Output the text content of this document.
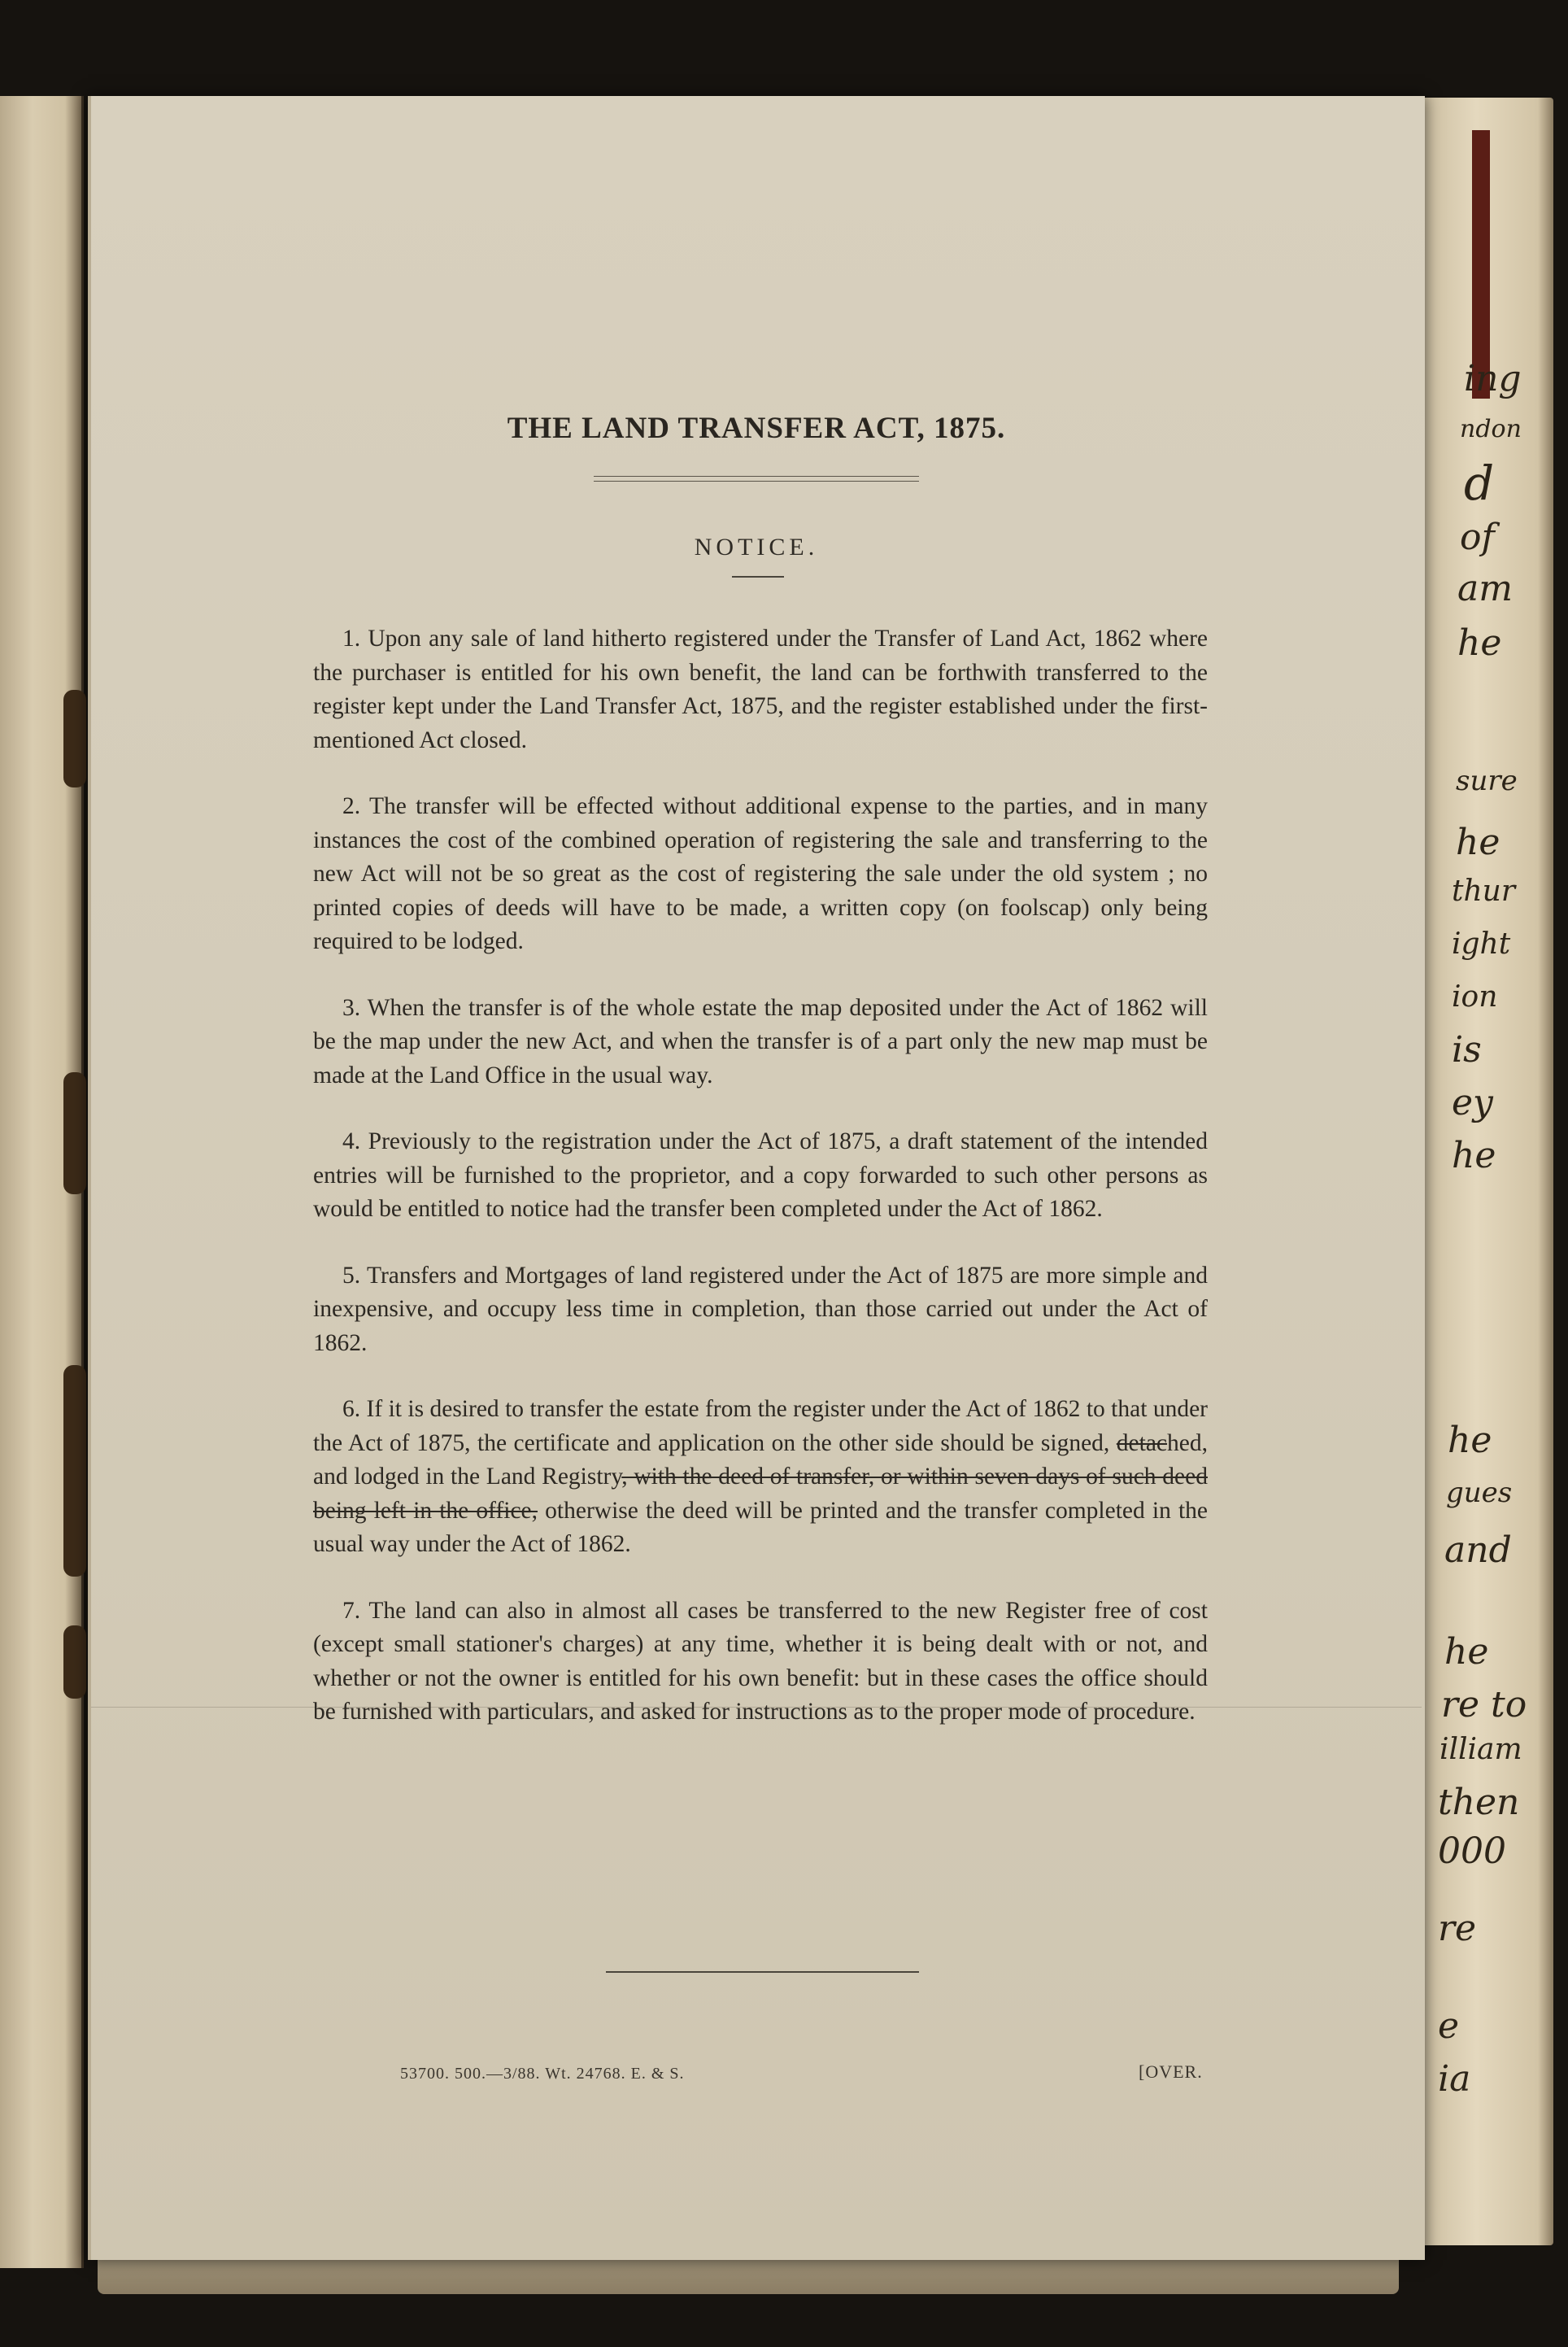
ing
ndon
d
of
am
he
sure
he
thur
ight
ion
is
ey
he
he
gues
and
he
re to
illiam
then
000
re
e
ia
THE LAND TRANSFER ACT, 1875.
NOTICE.

1. Upon any sale of land hitherto registered under the Transfer of Land Act, 1862 where the purchaser is entitled for his own benefit, the land can be forthwith transferred to the register kept under the Land Transfer Act, 1875, and the register established under the first-mentioned Act closed.

2. The transfer will be effected without additional expense to the parties, and in many instances the cost of the combined operation of registering the sale and transferring to the new Act will not be so great as the cost of registering the sale under the old system ; no printed copies of deeds will have to be made, a written copy (on foolscap) only being required to be lodged.

3. When the transfer is of the whole estate the map deposited under the Act of 1862 will be the map under the new Act, and when the transfer is of a part only the new map must be made at the Land Office in the usual way.

4. Previously to the registration under the Act of 1875, a draft statement of the intended entries will be furnished to the proprietor, and a copy forwarded to such other persons as would be entitled to notice had the transfer been completed under the Act of 1862.

5. Transfers and Mortgages of land registered under the Act of 1875 are more simple and inexpensive, and occupy less time in completion, than those carried out under the Act of 1862.

6. If it is desired to transfer the estate from the register under the Act of 1862 to that under the Act of 1875, the certificate and application on the other side should be signed, detached, and lodged in the Land Registry, with the deed of transfer, or within seven days of such deed being left in the office, otherwise the deed will be printed and the transfer completed in the usual way under the Act of 1862.

7. The land can also in almost all cases be transferred to the new Register free of cost (except small stationer's charges) at any time, whether it is being dealt with or not, and whether or not the owner is entitled for his own benefit: but in these cases the office should be furnished with particulars, and asked for instructions as to the proper mode of procedure.

53700. 500.—3/88. Wt. 24768. E. & S.	[OVER.
